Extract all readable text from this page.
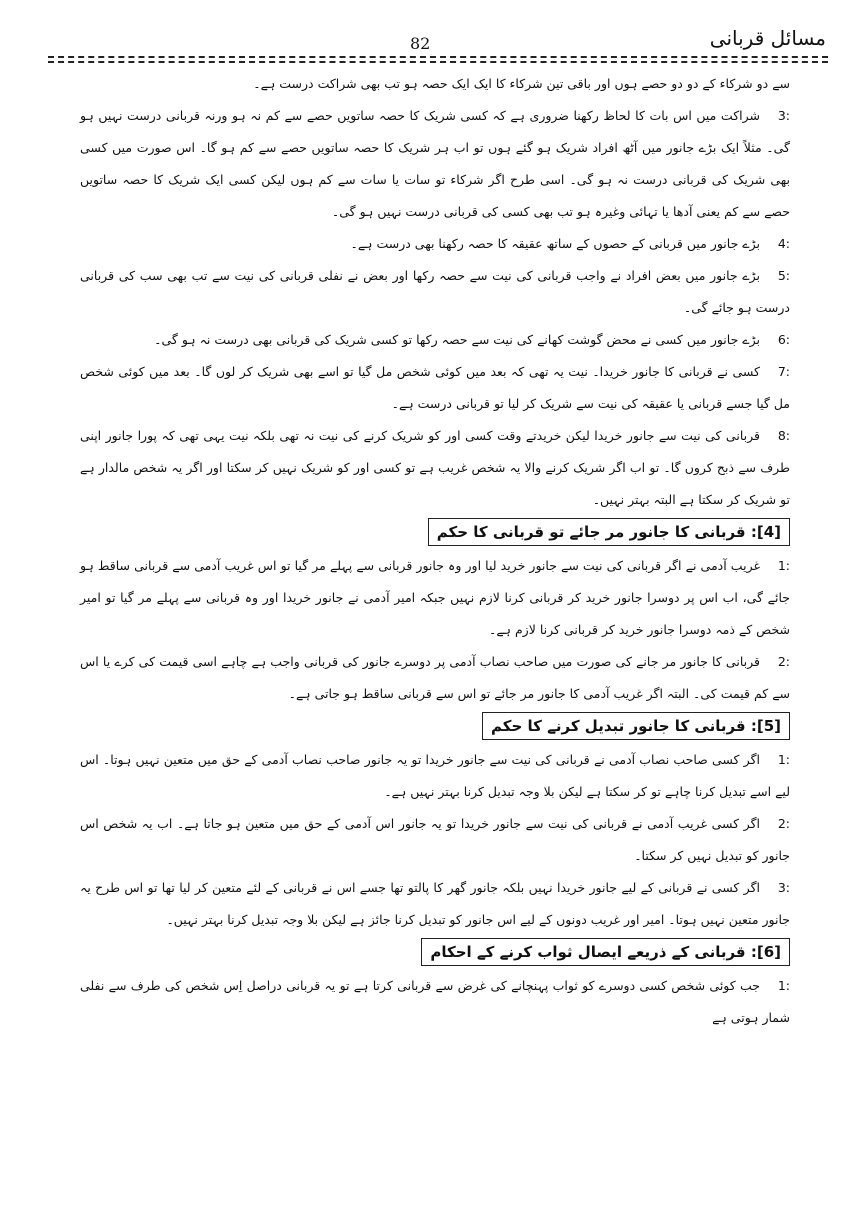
مسائل قربانی
82

سے دو شرکاء کے دو دو حصے ہوں اور باقی تین شرکاء کا ایک ایک حصہ ہو تب بھی شراکت درست ہے۔

3:شراکت میں اس بات کا لحاظ رکھنا ضروری ہے کہ کسی شریک کا حصہ ساتویں حصے سے کم نہ ہو ورنہ قربانی درست نہیں ہو گی۔ مثلاً ایک بڑے جانور میں آٹھ افراد شریک ہو گئے ہوں تو اب ہر شریک کا حصہ ساتویں حصے سے کم ہو گا۔ اس صورت میں کسی بھی شریک کی قربانی درست نہ ہو گی۔ اسی طرح اگر شرکاء تو سات یا سات سے کم ہوں لیکن کسی ایک شریک کا حصہ ساتویں حصے سے کم یعنی آدھا یا تہائی وغیرہ ہو تب بھی کسی کی قربانی درست نہیں ہو گی۔

4:بڑے جانور میں قربانی کے حصوں کے ساتھ عقیقہ کا حصہ رکھنا بھی درست ہے۔

5:بڑے جانور میں بعض افراد نے واجب قربانی کی نیت سے حصہ رکھا اور بعض نے نفلی قربانی کی نیت سے تب بھی سب کی قربانی درست ہو جائے گی۔

6:بڑے جانور میں کسی نے محض گوشت کھانے کی نیت سے حصہ رکھا تو کسی شریک کی قربانی بھی درست نہ ہو گی۔

7:کسی نے قربانی کا جانور خریدا۔ نیت یہ تھی کہ بعد میں کوئی شخص مل گیا تو اسے بھی شریک کر لوں گا۔ بعد میں کوئی شخص مل گیا جسے قربانی یا عقیقہ کی نیت سے شریک کر لیا تو قربانی درست ہے۔

8:قربانی کی نیت سے جانور خریدا لیکن خریدتے وقت کسی اور کو شریک کرنے کی نیت نہ تھی بلکہ نیت یہی تھی کہ پورا جانور اپنی طرف سے ذبح کروں گا۔ تو اب اگر شریک کرنے والا یہ شخص غریب ہے تو کسی اور کو شریک نہیں کر سکتا اور اگر یہ شخص مالدار ہے تو شریک کر سکتا ہے البتہ بہتر نہیں۔

[4]: قربانی کا جانور مر جائے تو قربانی کا حکم

1:غریب آدمی نے اگر قربانی کی نیت سے جانور خرید لیا اور وہ جانور قربانی سے پہلے مر گیا تو اس غریب آدمی سے قربانی ساقط ہو جائے گی، اب اس پر دوسرا جانور خرید کر قربانی کرنا لازم نہیں جبکہ امیر آدمی نے جانور خریدا اور وہ قربانی سے پہلے مر گیا تو امیر شخص کے ذمہ دوسرا جانور خرید کر قربانی کرنا لازم ہے۔

2:قربانی کا جانور مر جانے کی صورت میں صاحب نصاب آدمی پر دوسرے جانور کی قربانی واجب ہے چاہے اسی قیمت کی کرے یا اس سے کم قیمت کی۔ البتہ اگر غریب آدمی کا جانور مر جائے تو اس سے قربانی ساقط ہو جاتی ہے۔

[5]: قربانی کا جانور تبدیل کرنے کا حکم

1:اگر کسی صاحب نصاب آدمی نے قربانی کی نیت سے جانور خریدا تو یہ جانور صاحب نصاب آدمی کے حق میں متعین نہیں ہوتا۔ اس لیے اسے تبدیل کرنا چاہے تو کر سکتا ہے لیکن بلا وجہ تبدیل کرنا بہتر نہیں ہے۔

2:اگر کسی غریب آدمی نے قربانی کی نیت سے جانور خریدا تو یہ جانور اس آدمی کے حق میں متعین ہو جاتا ہے۔ اب یہ شخص اس جانور کو تبدیل نہیں کر سکتا۔

3:اگر کسی نے قربانی کے لیے جانور خریدا نہیں بلکہ جانور گھر کا پالتو تھا جسے اس نے قربانی کے لئے متعین کر لیا تھا تو اس طرح یہ جانور متعین نہیں ہوتا۔ امیر اور غریب دونوں کے لیے اس جانور کو تبدیل کرنا جائز ہے لیکن بلا وجہ تبدیل کرنا بہتر نہیں۔

[6]: قربانی کے ذریعے ایصال ثواب کرنے کے احکام

1:جب کوئی شخص کسی دوسرے کو ثواب پہنچانے کی غرض سے قربانی کرتا ہے تو یہ قربانی دراصل اِس شخص کی طرف سے نفلی شمار ہوتی ہے
